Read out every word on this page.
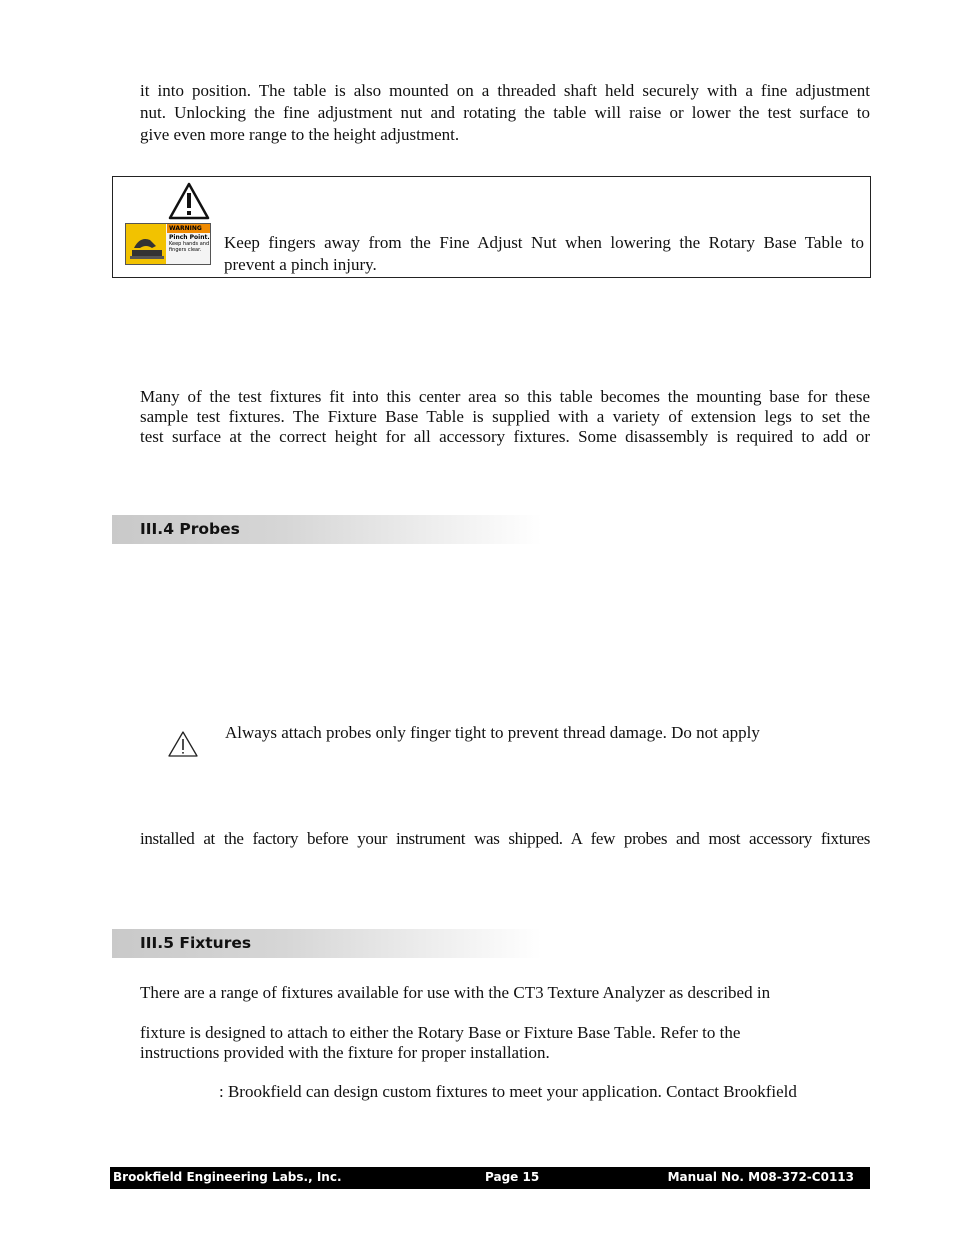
it into position. The table is also mounted on a threaded shaft held securely with a fine adjustment
nut. Unlocking the fine adjustment nut and rotating the table will raise or lower the test surface to
give even more range to the height adjustment.
WARNING
Pinch Point.
Keep hands and fingers clear.	Keep fingers away from the Fine Adjust Nut when lowering the Rotary Base Table to
prevent a pinch injury.
Many of the test fixtures fit into this center area so this table becomes the mounting base for these
sample test fixtures. The Fixture Base Table is supplied with a variety of extension legs to set the
test surface at the correct height for all accessory fixtures. Some disassembly is required to add or
III.4 Probes
Always attach probes only finger tight to prevent thread damage. Do not apply
installed at the factory before your instrument was shipped. A few probes and most accessory fixtures
III.5 Fixtures
There are a range of fixtures available for use with the CT3 Texture Analyzer as described in
fixture is designed to attach to either the Rotary Base or Fixture Base Table. Refer to the
instructions provided with the fixture for proper installation.
: Brookfield can design custom fixtures to meet your application. Contact Brookfield
Brookfield Engineering Labs., Inc.	Page 15	Manual No. M08-372-C0113
